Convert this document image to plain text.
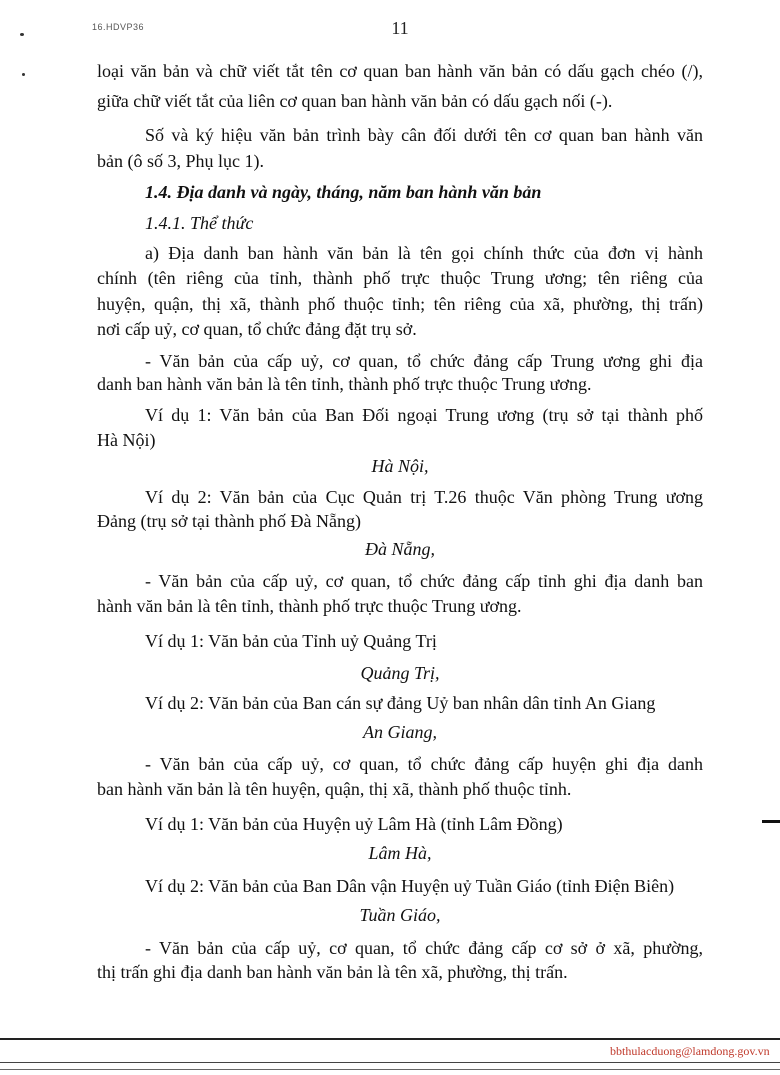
16.HDVP36	11
loại văn bản và chữ viết tắt tên cơ quan ban hành văn bản có dấu gạch chéo (/),
giữa chữ viết tắt của liên cơ quan ban hành văn bản có dấu gạch nối (-).
Số và ký hiệu văn bản trình bày cân đối dưới tên cơ quan ban hành văn
bản (ô số 3, Phụ lục 1).
1.4. Địa danh và ngày, tháng, năm ban hành văn bản
1.4.1. Thể thức
a) Địa danh ban hành văn bản là tên gọi chính thức của đơn vị hành
chính (tên riêng của tỉnh, thành phố trực thuộc Trung ương; tên riêng của
huyện, quận, thị xã, thành phố thuộc tỉnh; tên riêng của xã, phường, thị trấn)
nơi cấp uỷ, cơ quan, tổ chức đảng đặt trụ sở.
- Văn bản của cấp uỷ, cơ quan, tổ chức đảng cấp Trung ương ghi địa
danh ban hành văn bản là tên tỉnh, thành phố trực thuộc Trung ương.
Ví dụ 1: Văn bản của Ban Đối ngoại Trung ương (trụ sở tại thành phố
Hà Nội)
Hà Nội,
Ví dụ 2: Văn bản của Cục Quản trị T.26 thuộc Văn phòng Trung ương
Đảng (trụ sở tại thành phố Đà Nẵng)
Đà Nẵng,
- Văn bản của cấp uỷ, cơ quan, tổ chức đảng cấp tỉnh ghi địa danh ban
hành văn bản là tên tỉnh, thành phố trực thuộc Trung ương.
Ví dụ 1: Văn bản của Tỉnh uỷ Quảng Trị
Quảng Trị,
Ví dụ 2: Văn bản của Ban cán sự đảng Uỷ ban nhân dân tỉnh An Giang
An Giang,
- Văn bản của cấp uỷ, cơ quan, tổ chức đảng cấp huyện ghi địa danh
ban hành văn bản là tên huyện, quận, thị xã, thành phố thuộc tỉnh.
Ví dụ 1: Văn bản của Huyện uỷ Lâm Hà (tỉnh Lâm Đồng)
Lâm Hà,
Ví dụ 2: Văn bản của Ban Dân vận Huyện uỷ Tuần Giáo (tỉnh Điện Biên)
Tuần Giáo,
- Văn bản của cấp uỷ, cơ quan, tổ chức đảng cấp cơ sở ở xã, phường,
thị trấn ghi địa danh ban hành văn bản là tên xã, phường, thị trấn.
bbthulacduong@lamdong.gov.vn
